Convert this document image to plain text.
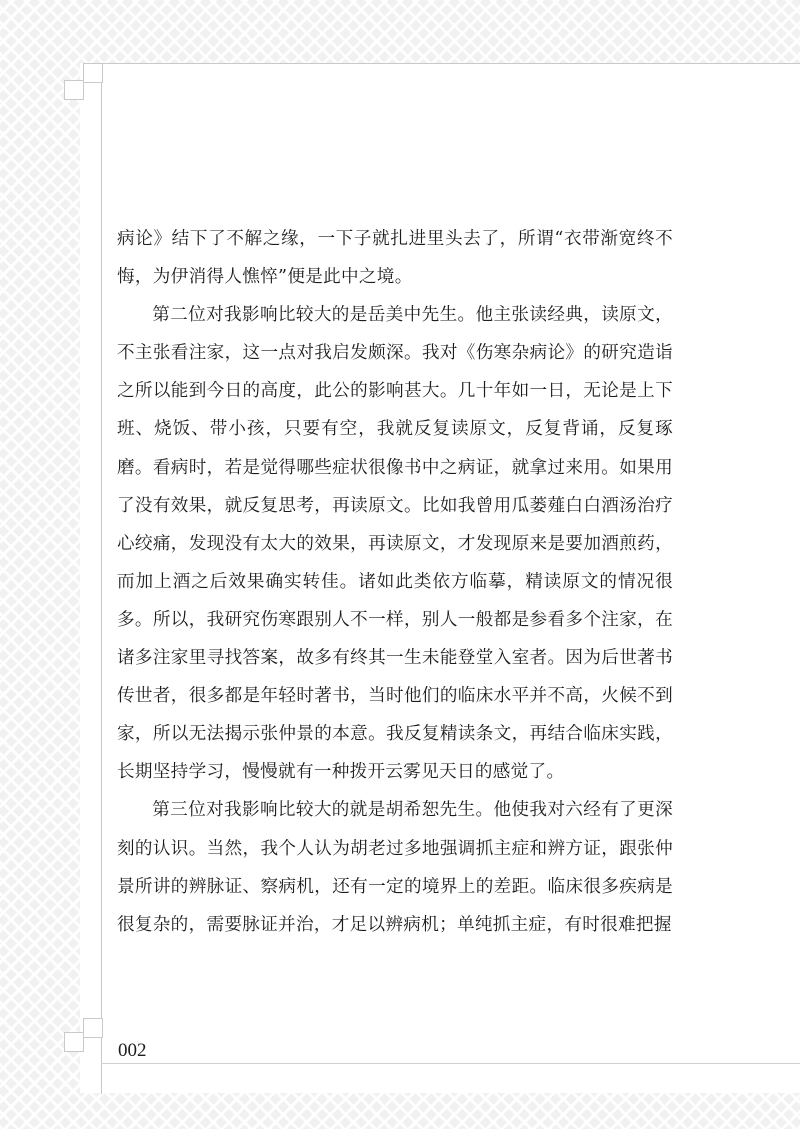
病论》结下了不解之缘，一下子就扎进里头去了，所谓“衣带渐宽终不悔，为伊消得人憔悴”便是此中之境。

第二位对我影响比较大的是岳美中先生。他主张读经典，读原文，不主张看注家，这一点对我启发颇深。我对《伤寒杂病论》的研究造诣之所以能到今日的高度，此公的影响甚大。几十年如一日，无论是上下班、烧饭、带小孩，只要有空，我就反复读原文，反复背诵，反复琢磨。看病时，若是觉得哪些症状很像书中之病证，就拿过来用。如果用了没有效果，就反复思考，再读原文。比如我曾用瓜蒌薤白白酒汤治疗心绞痛，发现没有太大的效果，再读原文，才发现原来是要加酒煎药，而加上酒之后效果确实转佳。诸如此类依方临摹，精读原文的情况很多。所以，我研究伤寒跟别人不一样，别人一般都是参看多个注家，在诸多注家里寻找答案，故多有终其一生未能登堂入室者。因为后世著书传世者，很多都是年轻时著书，当时他们的临床水平并不高，火候不到家，所以无法揭示张仲景的本意。我反复精读条文，再结合临床实践，长期坚持学习，慢慢就有一种拨开云雾见天日的感觉了。

第三位对我影响比较大的就是胡希恕先生。他使我对六经有了更深刻的认识。当然，我个人认为胡老过多地强调抓主症和辨方证，跟张仲景所讲的辨脉证、察病机，还有一定的境界上的差距。临床很多疾病是很复杂的，需要脉证并治，才足以辨病机；单纯抓主症，有时很难把握

002
